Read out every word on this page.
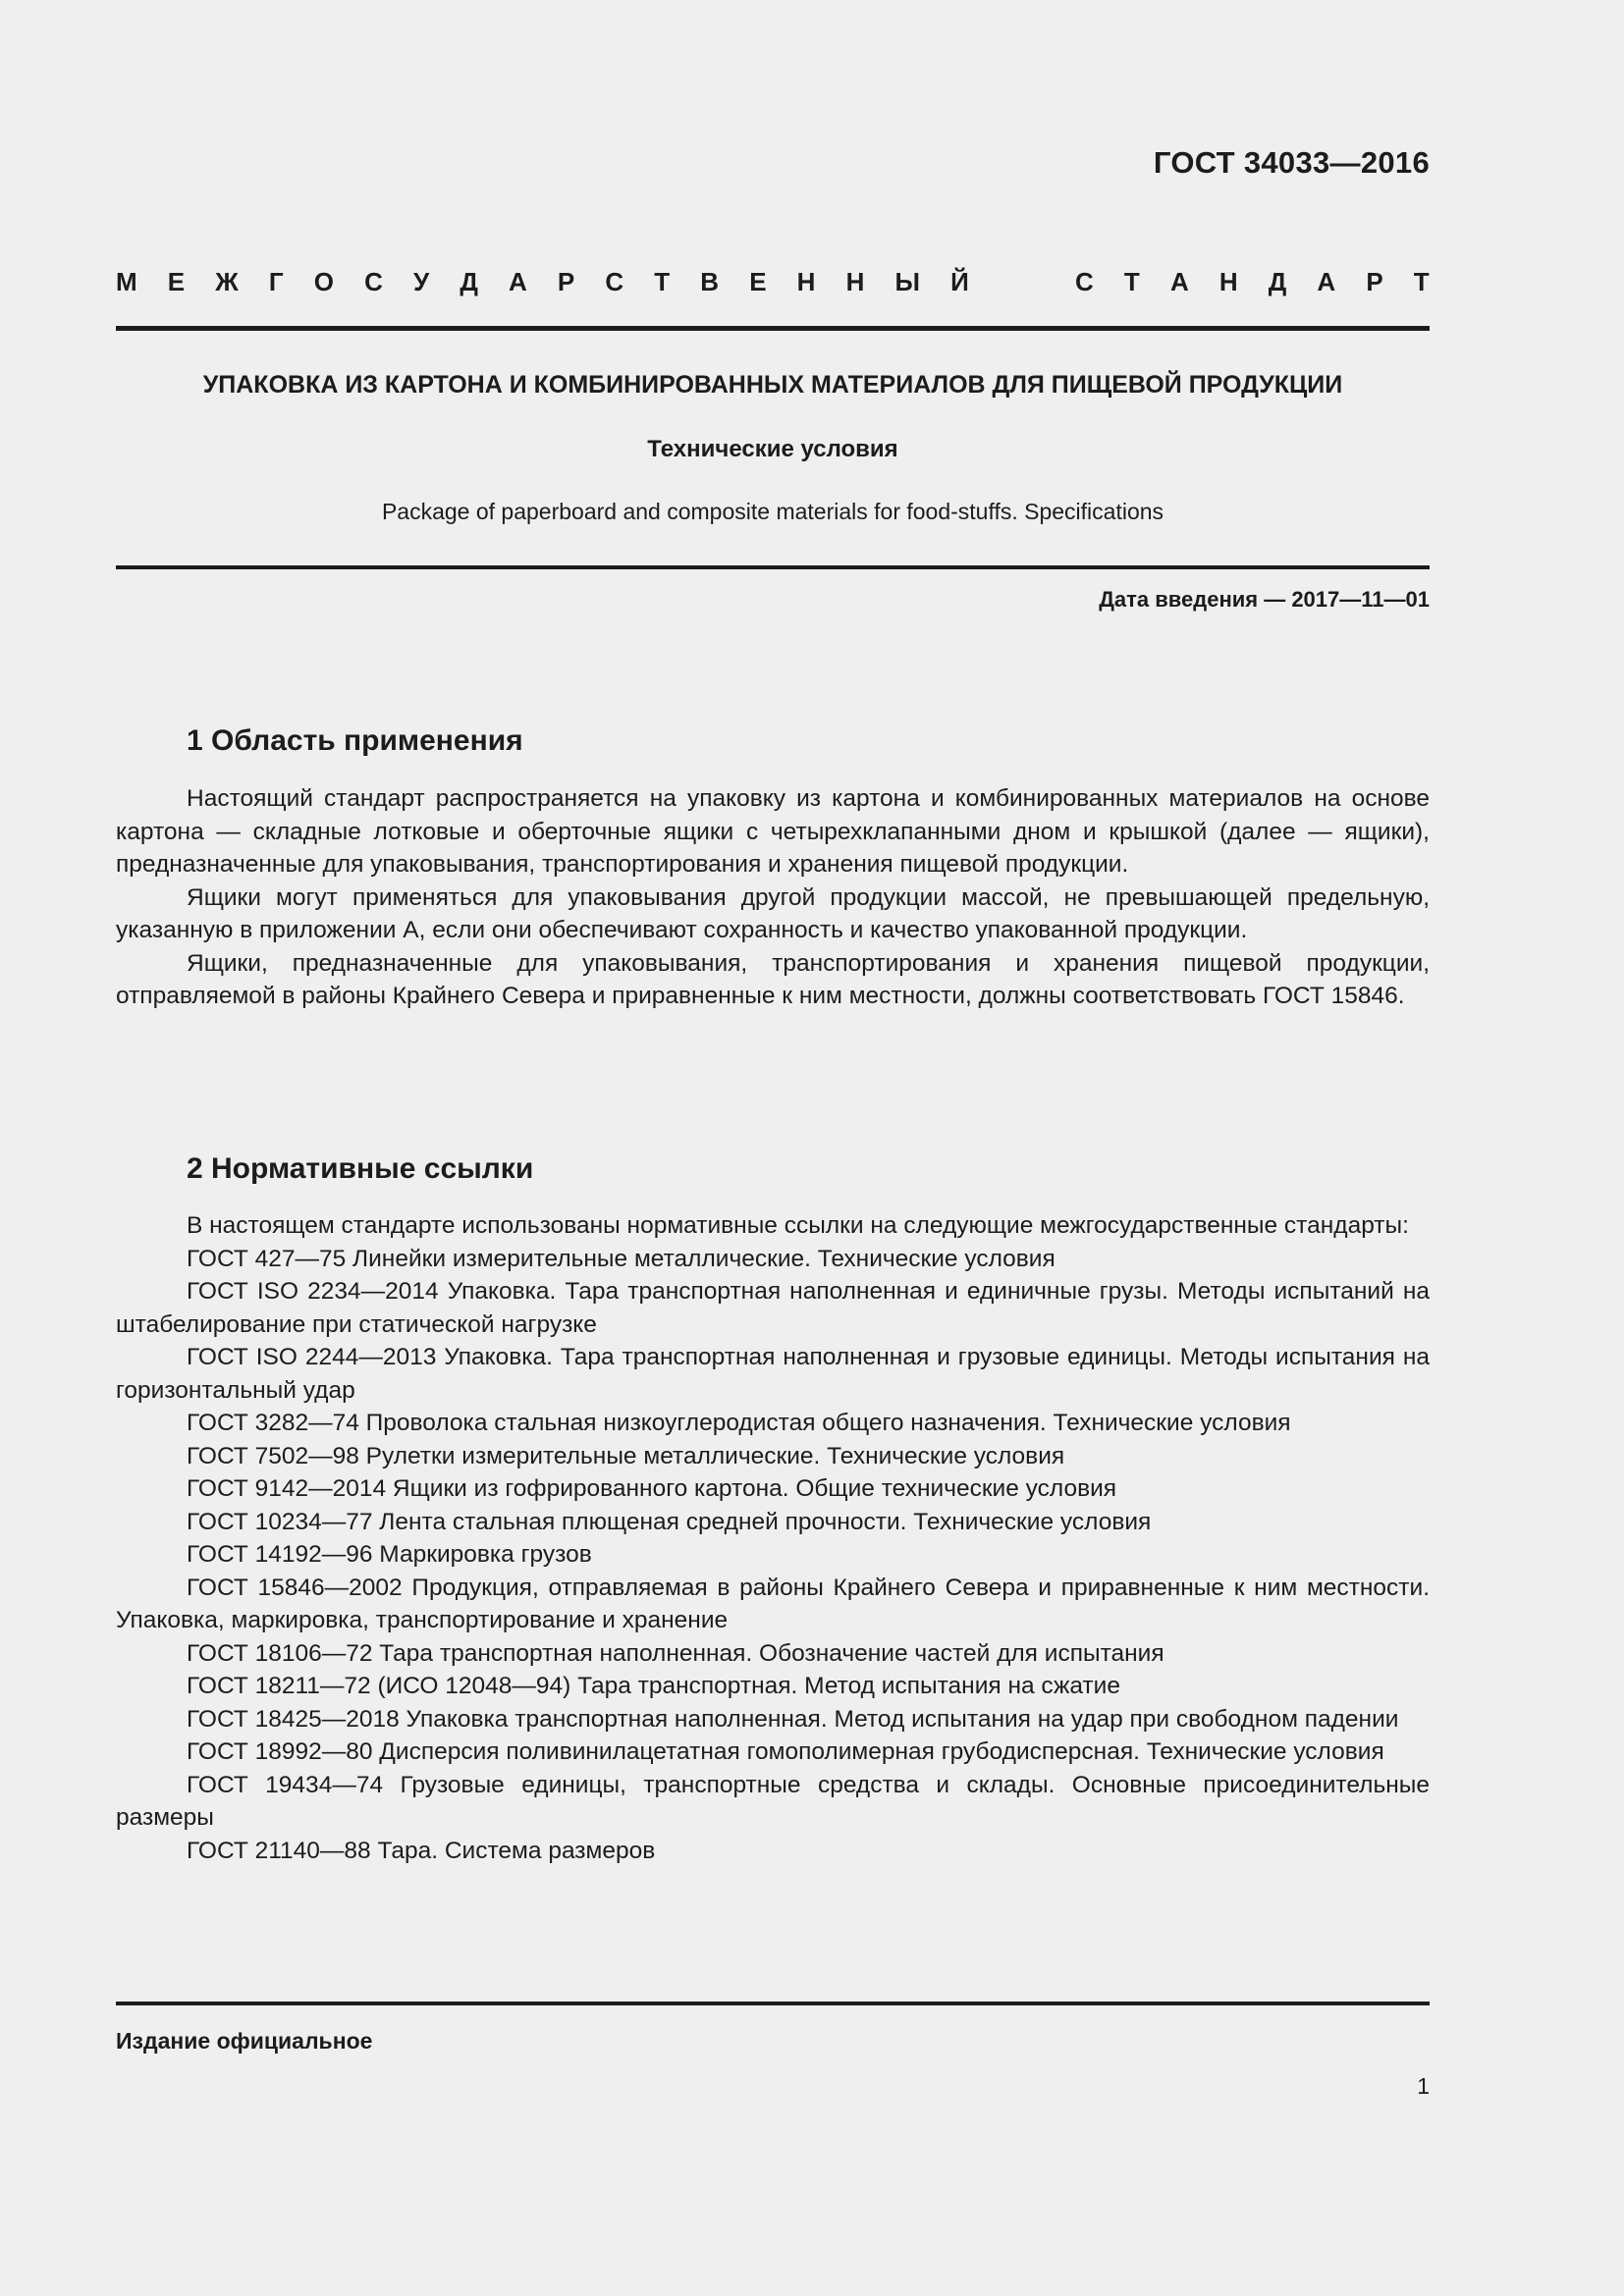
ГОСТ 34033—2016
М Е Ж Г О С У Д А Р С Т В Е Н Н Ы Й	С Т А Н Д А Р Т
УПАКОВКА ИЗ КАРТОНА И КОМБИНИРОВАННЫХ МАТЕРИАЛОВ ДЛЯ ПИЩЕВОЙ ПРОДУКЦИИ
Технические условия
Package of paperboard and composite materials for food-stuffs. Specifications
Дата введения — 2017—11—01
1 Область применения

Настоящий стандарт распространяется на упаковку из картона и комбинированных материалов на основе картона — складные лотковые и оберточные ящики с четырехклапанными дном и крышкой (далее — ящики), предназначенные для упаковывания, транспортирования и хранения пищевой продукции.

Ящики могут применяться для упаковывания другой продукции массой, не превышающей предельную, указанную в приложении А, если они обеспечивают сохранность и качество упакованной продукции.

Ящики, предназначенные для упаковывания, транспортирования и хранения пищевой продукции, отправляемой в районы Крайнего Севера и приравненные к ним местности, должны соответствовать ГОСТ 15846.

2 Нормативные ссылки

В настоящем стандарте использованы нормативные ссылки на следующие межгосударственные стандарты:

ГОСТ 427—75 Линейки измерительные металлические. Технические условия

ГОСТ ISO 2234—2014 Упаковка. Тара транспортная наполненная и единичные грузы. Методы испытаний на штабелирование при статической нагрузке

ГОСТ ISO 2244—2013 Упаковка. Тара транспортная наполненная и грузовые единицы. Методы испытания на горизонтальный удар

ГОСТ 3282—74 Проволока стальная низкоуглеродистая общего назначения. Технические условия

ГОСТ 7502—98 Рулетки измерительные металлические. Технические условия

ГОСТ 9142—2014 Ящики из гофрированного картона. Общие технические условия

ГОСТ 10234—77 Лента стальная плющеная средней прочности. Технические условия

ГОСТ 14192—96 Маркировка грузов

ГОСТ 15846—2002 Продукция, отправляемая в районы Крайнего Севера и приравненные к ним местности. Упаковка, маркировка, транспортирование и хранение

ГОСТ 18106—72 Тара транспортная наполненная. Обозначение частей для испытания

ГОСТ 18211—72 (ИСО 12048—94) Тара транспортная. Метод испытания на сжатие

ГОСТ 18425—2018 Упаковка транспортная наполненная. Метод испытания на удар при свободном падении

ГОСТ 18992—80 Дисперсия поливинилацетатная гомополимерная грубодисперсная. Технические условия

ГОСТ 19434—74 Грузовые единицы, транспортные средства и склады. Основные присоединительные размеры

ГОСТ 21140—88 Тара. Система размеров

Издание официальное
1
